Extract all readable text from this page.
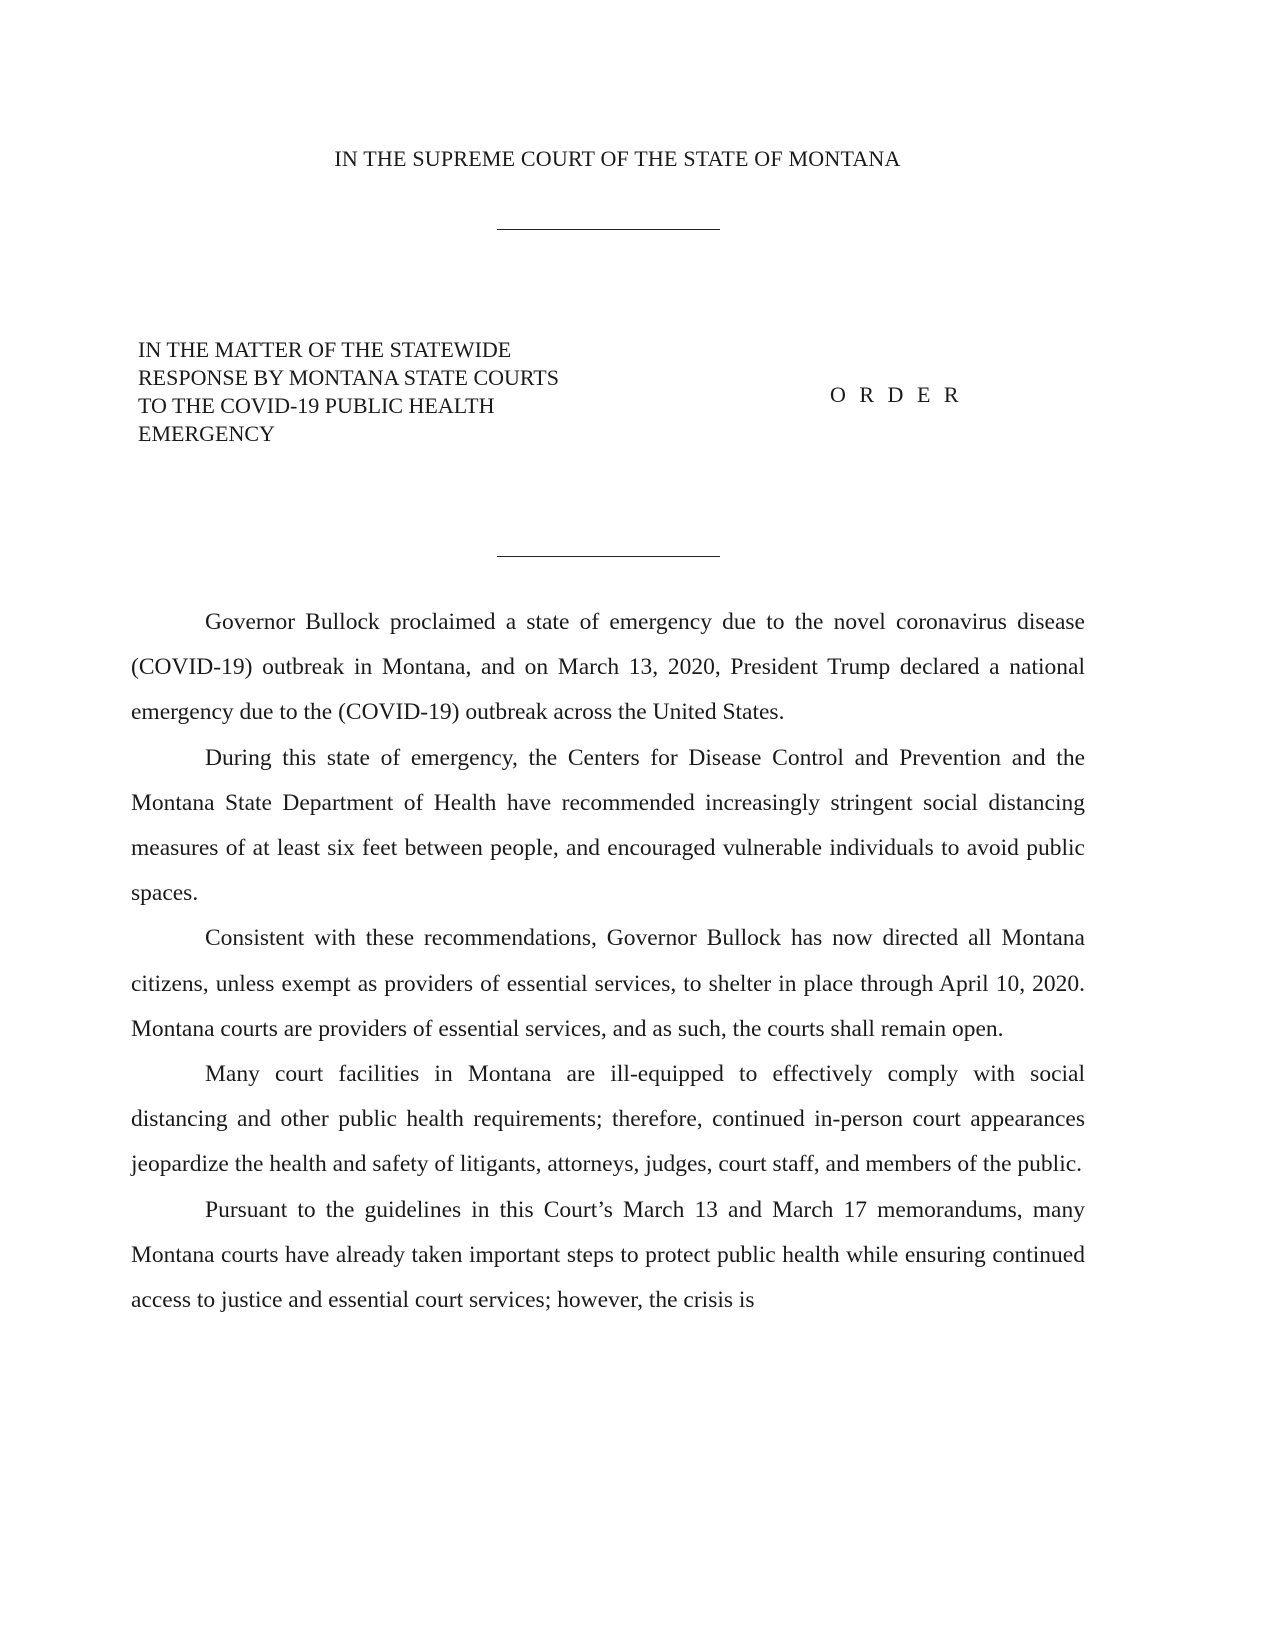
IN THE SUPREME COURT OF THE STATE OF MONTANA
IN THE MATTER OF THE STATEWIDE
RESPONSE BY MONTANA STATE COURTS
TO THE COVID-19 PUBLIC HEALTH
EMERGENCY
O R D E R

Governor Bullock proclaimed a state of emergency due to the novel coronavirus disease (COVID-19) outbreak in Montana, and on March 13, 2020, President Trump declared a national emergency due to the (COVID-19) outbreak across the United States.

During this state of emergency, the Centers for Disease Control and Prevention and the Montana State Department of Health have recommended increasingly stringent social distancing measures of at least six feet between people, and encouraged vulnerable individuals to avoid public spaces.

Consistent with these recommendations, Governor Bullock has now directed all Montana citizens, unless exempt as providers of essential services, to shelter in place through April 10, 2020. Montana courts are providers of essential services, and as such, the courts shall remain open.

Many court facilities in Montana are ill-equipped to effectively comply with social distancing and other public health requirements; therefore, continued in-person court appearances jeopardize the health and safety of litigants, attorneys, judges, court staff, and members of the public.

Pursuant to the guidelines in this Court’s March 13 and March 17 memorandums, many Montana courts have already taken important steps to protect public health while ensuring continued access to justice and essential court services; however, the crisis is
